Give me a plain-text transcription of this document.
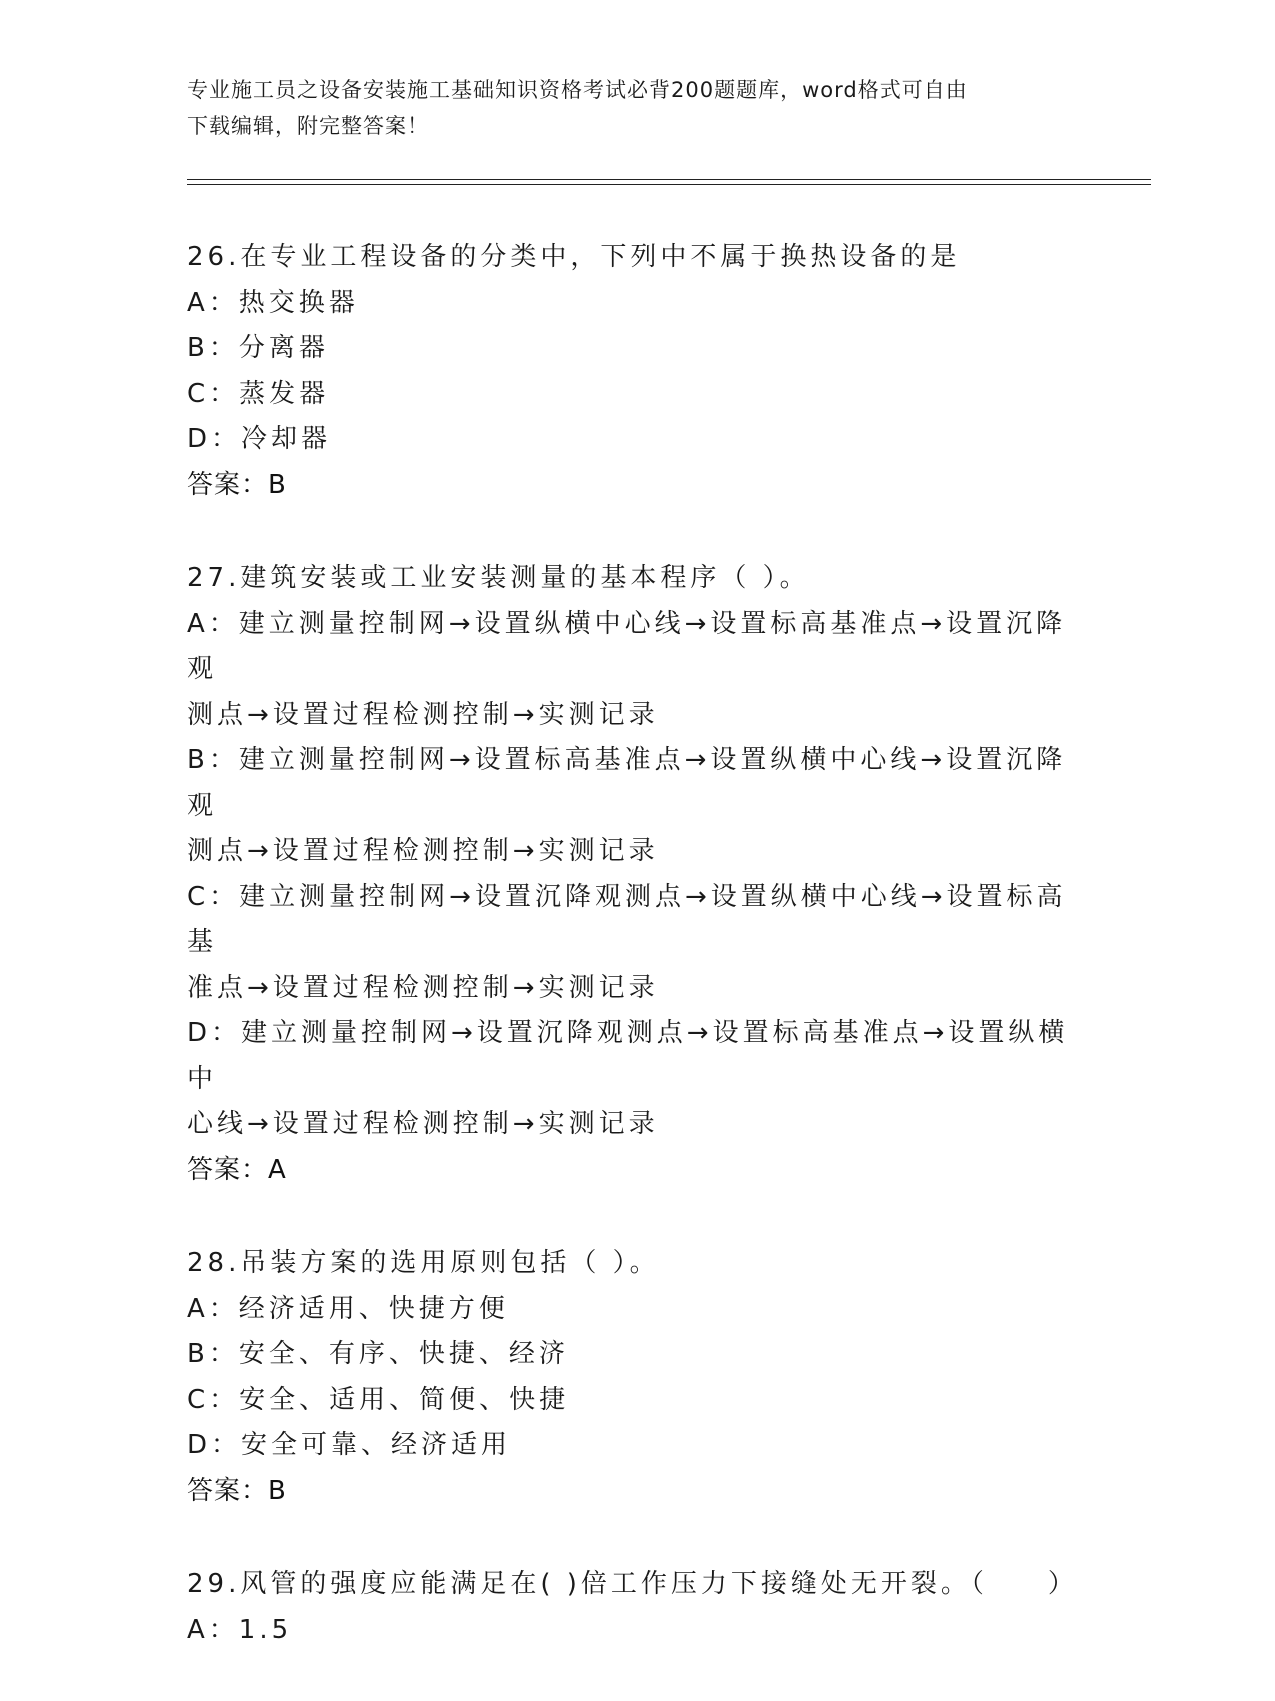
专业施工员之设备安装施工基础知识资格考试必背200题题库，word格式可自由
下载编辑，附完整答案！
26.在专业工程设备的分类中，下列中不属于换热设备的是
A：热交换器
B：分离器
C：蒸发器
D：冷却器
答案：B
27.建筑安装或工业安装测量的基本程序（ ）。
A：建立测量控制网→设置纵横中心线→设置标高基准点→设置沉降观
测点→设置过程检测控制→实测记录
B：建立测量控制网→设置标高基准点→设置纵横中心线→设置沉降观
测点→设置过程检测控制→实测记录
C：建立测量控制网→设置沉降观测点→设置纵横中心线→设置标高基
准点→设置过程检测控制→实测记录
D：建立测量控制网→设置沉降观测点→设置标高基准点→设置纵横中
心线→设置过程检测控制→实测记录
答案：A
28.吊装方案的选用原则包括（ ）。
A：经济适用、快捷方便
B：安全、有序、快捷、经济
C：安全、适用、简便、快捷
D：安全可靠、经济适用
答案：B
29.风管的强度应能满足在( )倍工作压力下接缝处无开裂。（　　）
A：1.5
